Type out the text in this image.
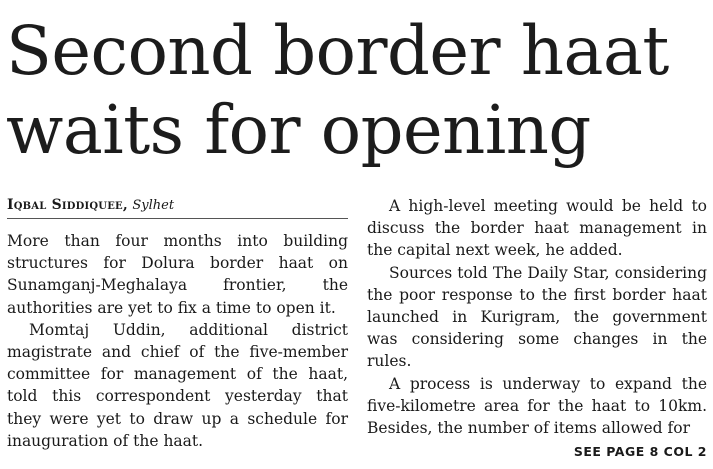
Second border haat
waits for opening
Iqbal Siddiquee, Sylhet

More than four months into building structures for Dolura border haat on Sunamganj-Meghalaya frontier, the authorities are yet to fix a time to open it.

Momtaj Uddin, additional district magistrate and chief of the five-member committee for management of the haat, told this correspondent yesterday that they were yet to draw up a schedule for inauguration of the haat.

A high-level meeting would be held to discuss the border haat management in the capital next week, he added.

Sources told The Daily Star, considering the poor response to the first border haat launched in Kurigram, the government was considering some changes in the rules.

A process is underway to expand the five-kilometre area for the haat to 10km. Besides, the number of items allowed for

SEE PAGE 8 COL 2
